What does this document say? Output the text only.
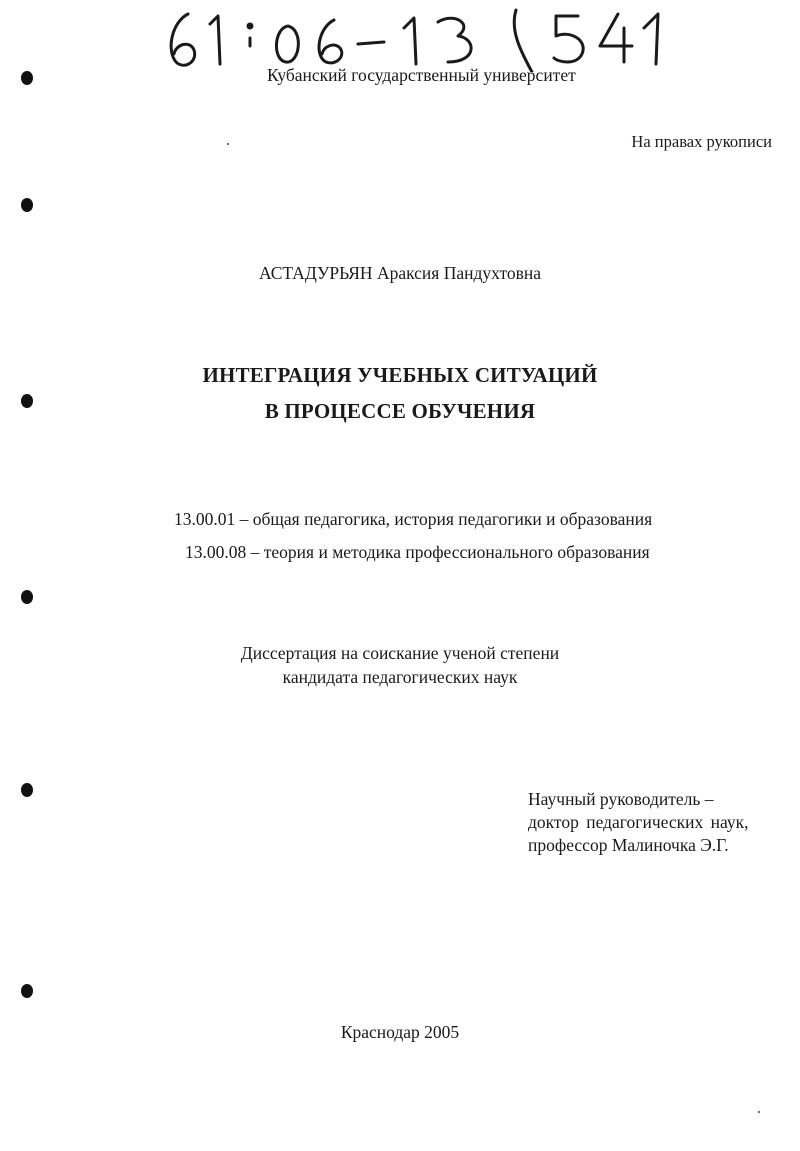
Кубанский государственный университет
На правах рукописи
АСТАДУРЬЯН Араксия Пандухтовна
ИНТЕГРАЦИЯ УЧЕБНЫХ СИТУАЦИЙ
В ПРОЦЕССЕ ОБУЧЕНИЯ
13.00.01 – общая педагогика, история педагогики и образования
13.00.08 – теория и методика профессионального образования
Диссертация на соискание ученой степени
кандидата педагогических наук
Научный руководитель –
доктор педагогических наук,
профессор Малиночка Э.Г.
Краснодар 2005
